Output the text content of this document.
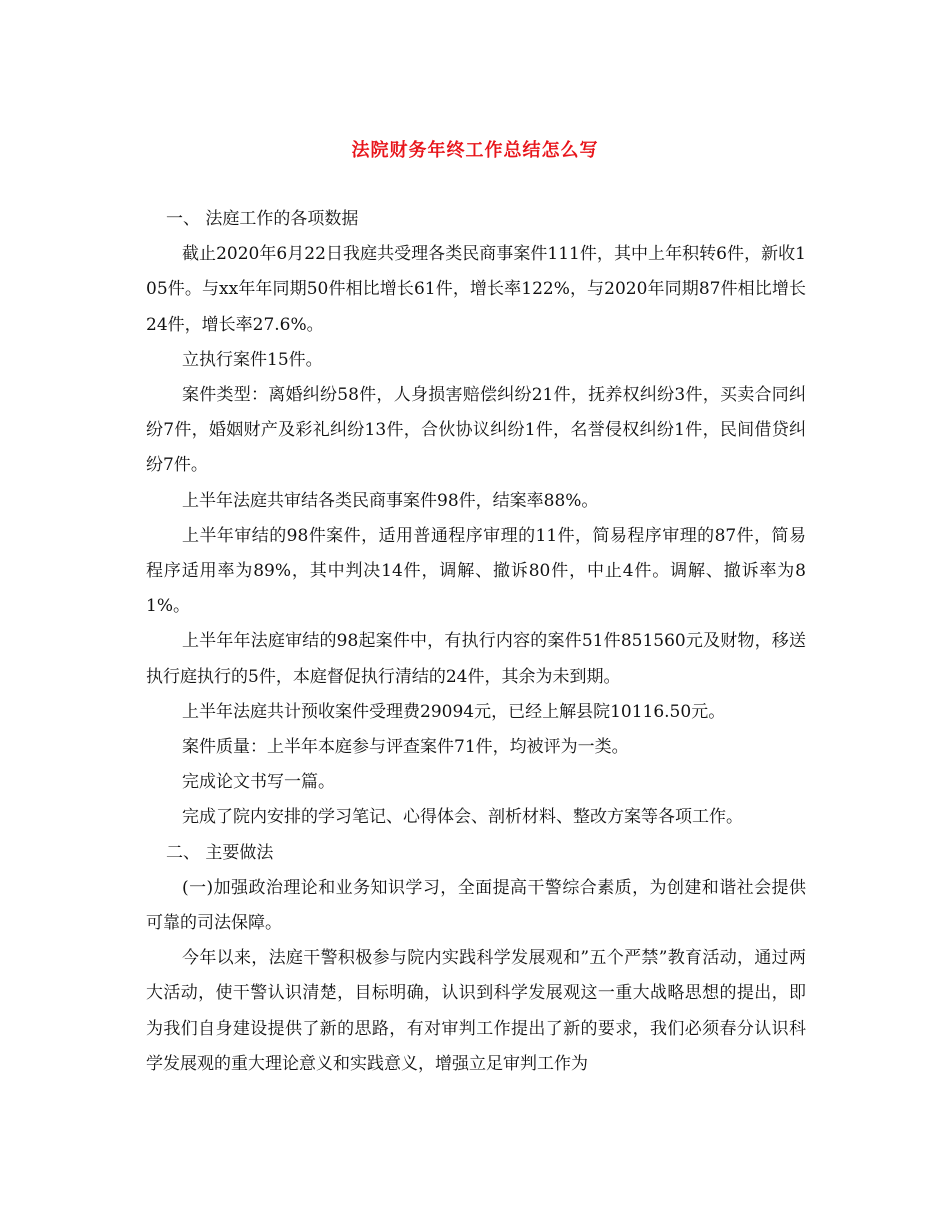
法院财务年终工作总结怎么写

一、 法庭工作的各项数据

截止2020年6月22日我庭共受理各类民商事案件111件，其中上年积转6件，新收105件。与xx年年同期50件相比增长61件，增长率122%，与2020年同期87件相比增长24件，增长率27.6%。

立执行案件15件。

案件类型：离婚纠纷58件，人身损害赔偿纠纷21件，抚养权纠纷3件，买卖合同纠纷7件，婚姻财产及彩礼纠纷13件，合伙协议纠纷1件，名誉侵权纠纷1件，民间借贷纠纷7件。

上半年法庭共审结各类民商事案件98件，结案率88%。

上半年审结的98件案件，适用普通程序审理的11件，简易程序审理的87件，简易程序适用率为89%，其中判决14件，调解、撤诉80件，中止4件。调解、撤诉率为81%。

上半年年法庭审结的98起案件中，有执行内容的案件51件851560元及财物，移送执行庭执行的5件，本庭督促执行清结的24件，其余为未到期。

上半年法庭共计预收案件受理费29094元，已经上解县院10116.50元。

案件质量：上半年本庭参与评查案件71件，均被评为一类。

完成论文书写一篇。

完成了院内安排的学习笔记、心得体会、剖析材料、整改方案等各项工作。

二、 主要做法

(一)加强政治理论和业务知识学习，全面提高干警综合素质，为创建和谐社会提供可靠的司法保障。

今年以来，法庭干警积极参与院内实践科学发展观和”五个严禁”教育活动，通过两大活动，使干警认识清楚，目标明确，认识到科学发展观这一重大战略思想的提出，即为我们自身建设提供了新的思路，有对审判工作提出了新的要求，我们必须春分认识科学发展观的重大理论意义和实践意义，增强立足审判工作为
